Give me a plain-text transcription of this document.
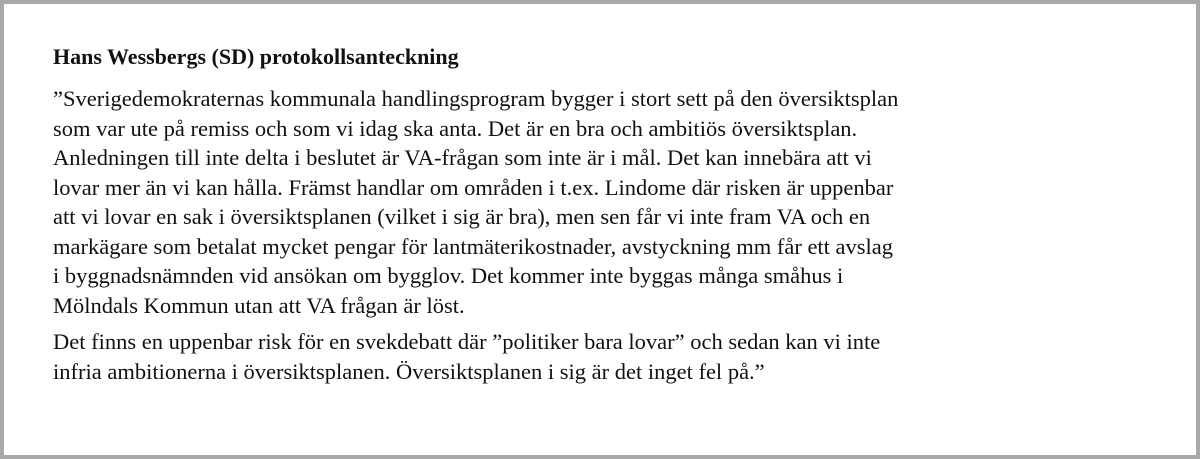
Hans Wessbergs (SD) protokollsanteckning

”Sverigedemokraternas kommunala handlingsprogram bygger i stort sett på den översiktsplan
som var ute på remiss och som vi idag ska anta. Det är en bra och ambitiös översiktsplan.
Anledningen till inte delta i beslutet är VA-frågan som inte är i mål. Det kan innebära att vi
lovar mer än vi kan hålla. Främst handlar om områden i t.ex. Lindome där risken är uppenbar
att vi lovar en sak i översiktsplanen (vilket i sig är bra), men sen får vi inte fram VA och en
markägare som betalat mycket pengar för lantmäterikostnader, avstyckning mm får ett avslag
i byggnadsnämnden vid ansökan om bygglov. Det kommer inte byggas många småhus i
Mölndals Kommun utan att VA frågan är löst.

Det finns en uppenbar risk för en svekdebatt där ”politiker bara lovar” och sedan kan vi inte
infria ambitionerna i översiktsplanen. Översiktsplanen i sig är det inget fel på.”
